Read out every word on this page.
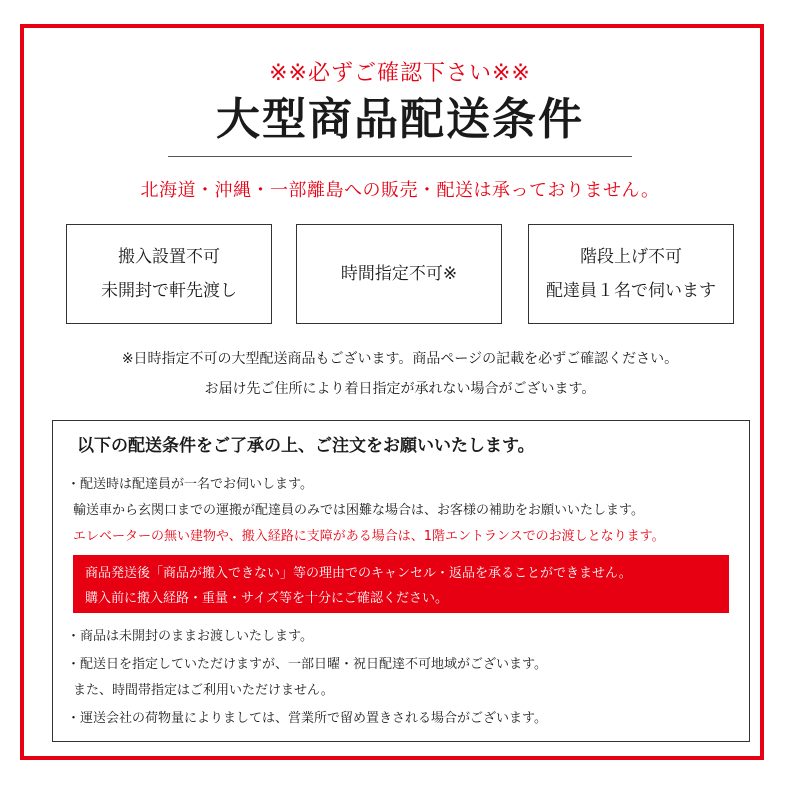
※※必ずご確認下さい※※
大型商品配送条件
北海道・沖縄・一部離島への販売・配送は承っておりません。
搬入設置不可
未開封で軒先渡し
時間指定不可※
階段上げ不可
配達員１名で伺います
※日時指定不可の大型配送商品もございます。商品ページの記載を必ずご確認ください。
お届け先ご住所により着日指定が承れない場合がございます。
以下の配送条件をご了承の上、ご注文をお願いいたします。
・配送時は配達員が一名でお伺いします。
輸送車から玄関口までの運搬が配達員のみでは困難な場合は、お客様の補助をお願いいたします。
エレベーターの無い建物や、搬入経路に支障がある場合は、1階エントランスでのお渡しとなります。
商品発送後「商品が搬入できない」等の理由でのキャンセル・返品を承ることができません。
購入前に搬入経路・重量・サイズ等を十分にご確認ください。
・商品は未開封のままお渡しいたします。
・配送日を指定していただけますが、一部日曜・祝日配達不可地域がございます。
また、時間帯指定はご利用いただけません。
・運送会社の荷物量によりましては、営業所で留め置きされる場合がございます。
